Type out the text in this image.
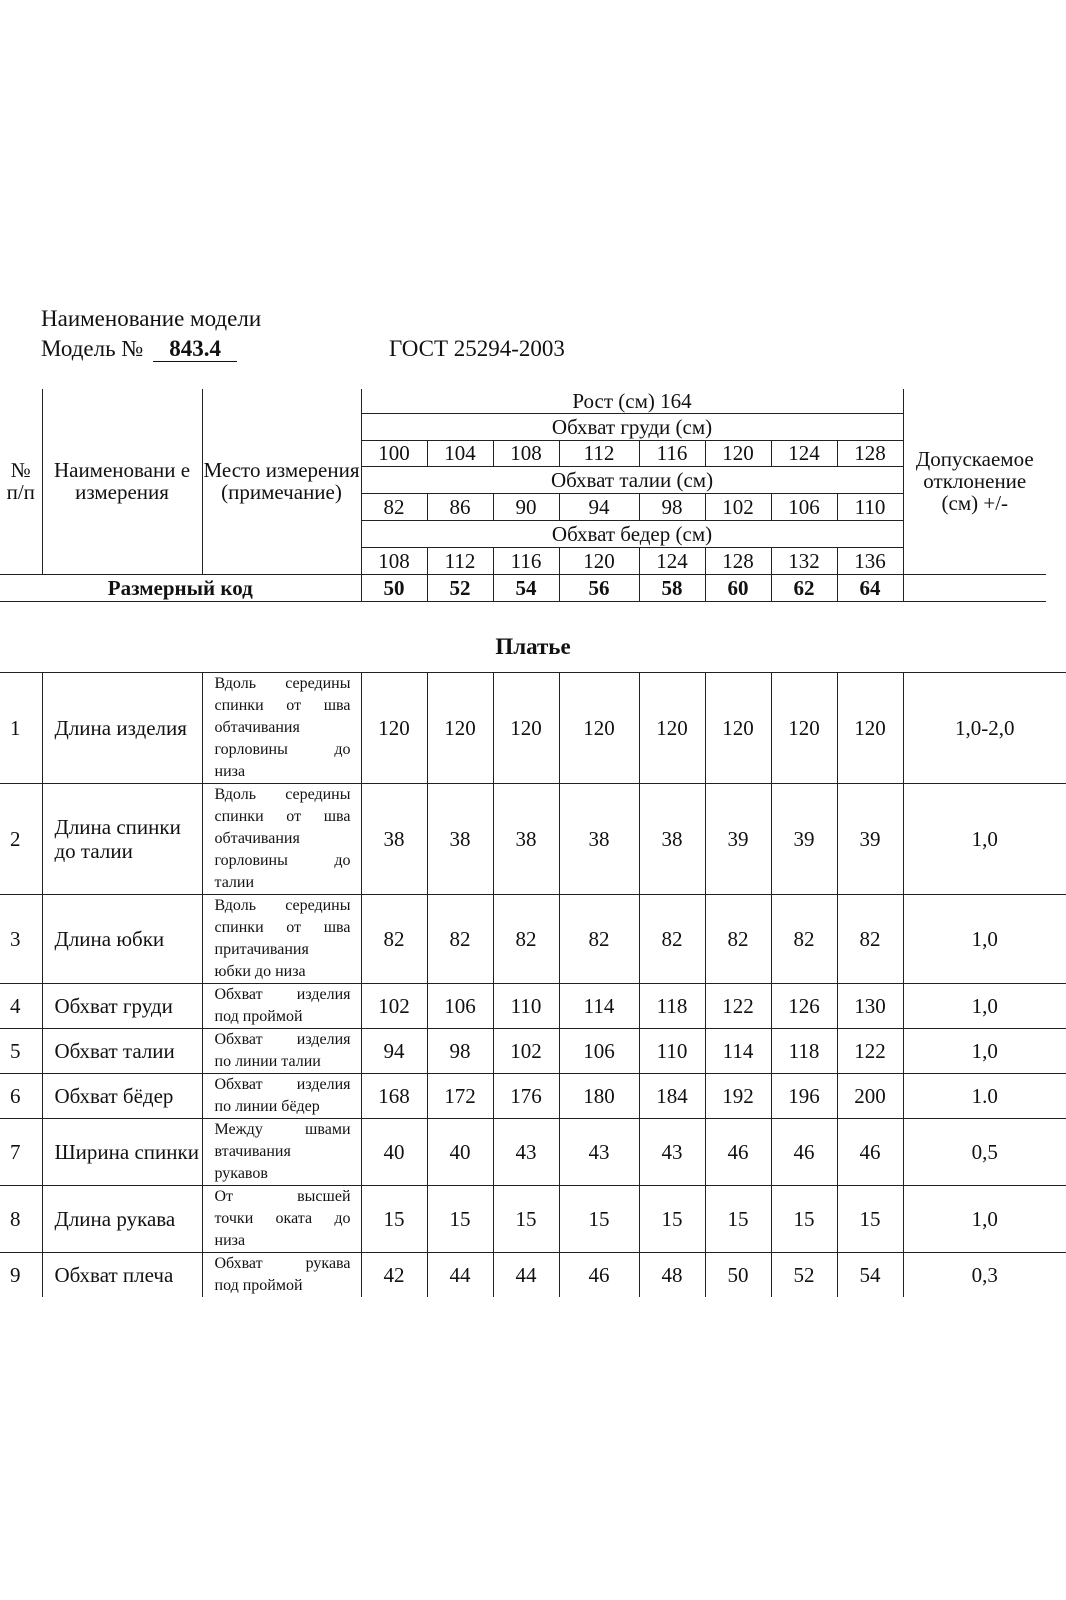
Наименование модели
Модель № 843.4	ГОСТ 25294-2003
№ п/п	Наименовани е измерения	Место измерения (примечание)	Рост (см) 164								Допускаемое отклонение (см) +/-
			Обхват груди (см)								
			100	104	108	112	116	120	124	128	
			Обхват талии (см)								
			82	86	90	94	98	102	106	110	
			Обхват бедер (см)								
			108	112	116	120	124	128	132	136	
Размерный код			50	52	54	56	58	60	62	64	
Платье
1	Длина изделия	Вдоль середины
спинки от шва
обтачивания
горловины до
низа	120	120	120	120	120	120	120	120	1,0-2,0
2	Длина спинки до талии	Вдоль середины
спинки от шва
обтачивания
горловины до
талии	38	38	38	38	38	39	39	39	1,0
3	Длина юбки	Вдоль середины
спинки от шва
притачивания
юбки до низа	82	82	82	82	82	82	82	82	1,0
4	Обхват груди	Обхват изделия
под проймой	102	106	110	114	118	122	126	130	1,0
5	Обхват талии	Обхват изделия
по линии талии	94	98	102	106	110	114	118	122	1,0
6	Обхват бёдер	Обхват изделия
по линии бёдер	168	172	176	180	184	192	196	200	1.0
7	Ширина спинки	Между швами
втачивания
рукавов	40	40	43	43	43	46	46	46	0,5
8	Длина рукава	От высшей
точки оката до
низа	15	15	15	15	15	15	15	15	1,0
9	Обхват плеча	Обхват рукава
под проймой	42	44	44	46	48	50	52	54	0,3
